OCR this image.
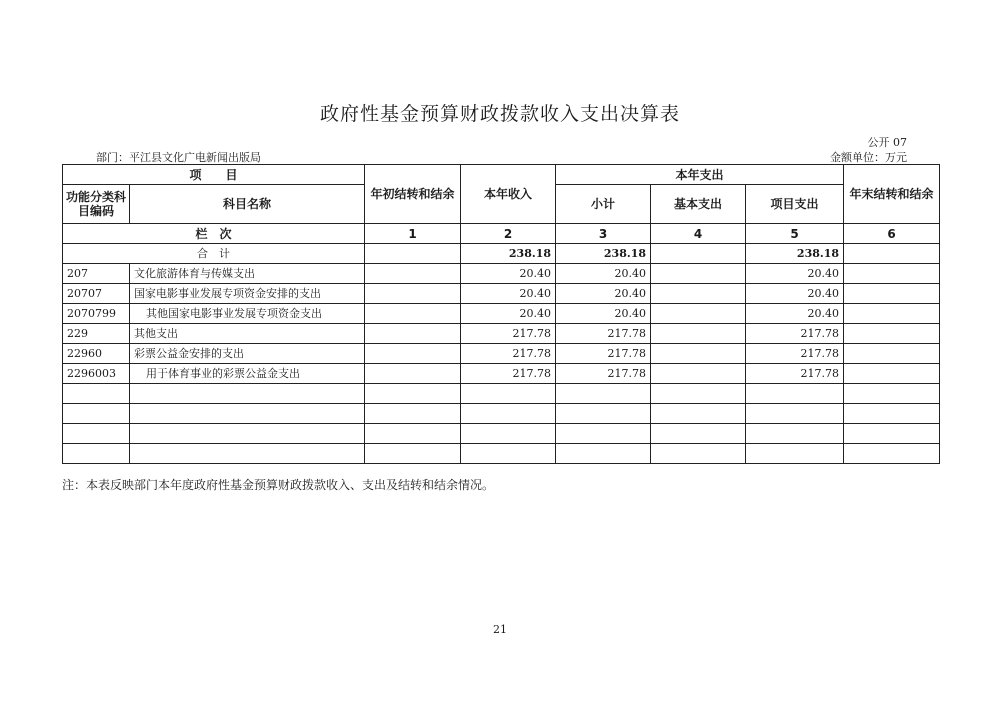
政府性基金预算财政拨款收入支出决算表
公开 07
部门：平江县文化广电新闻出版局	金额单位：万元
项　　目		年初结转和结余	本年收入	本年支出			年末结转和结余
功能分类科目编码	科目名称			小计	基本支出	项目支出	
栏　次		1	2	3	4	5	6
合　计			238.18	238.18		238.18	
207	文化旅游体育与传媒支出		20.40	20.40		20.40	
20707	国家电影事业发展专项资金安排的支出		20.40	20.40		20.40	
2070799	其他国家电影事业发展专项资金支出		20.40	20.40		20.40	
229	其他支出		217.78	217.78		217.78	
22960	彩票公益金安排的支出		217.78	217.78		217.78	
2296003	用于体育事业的彩票公益金支出		217.78	217.78		217.78	

注：本表反映部门本年度政府性基金预算财政拨款收入、支出及结转和结余情况。
21
